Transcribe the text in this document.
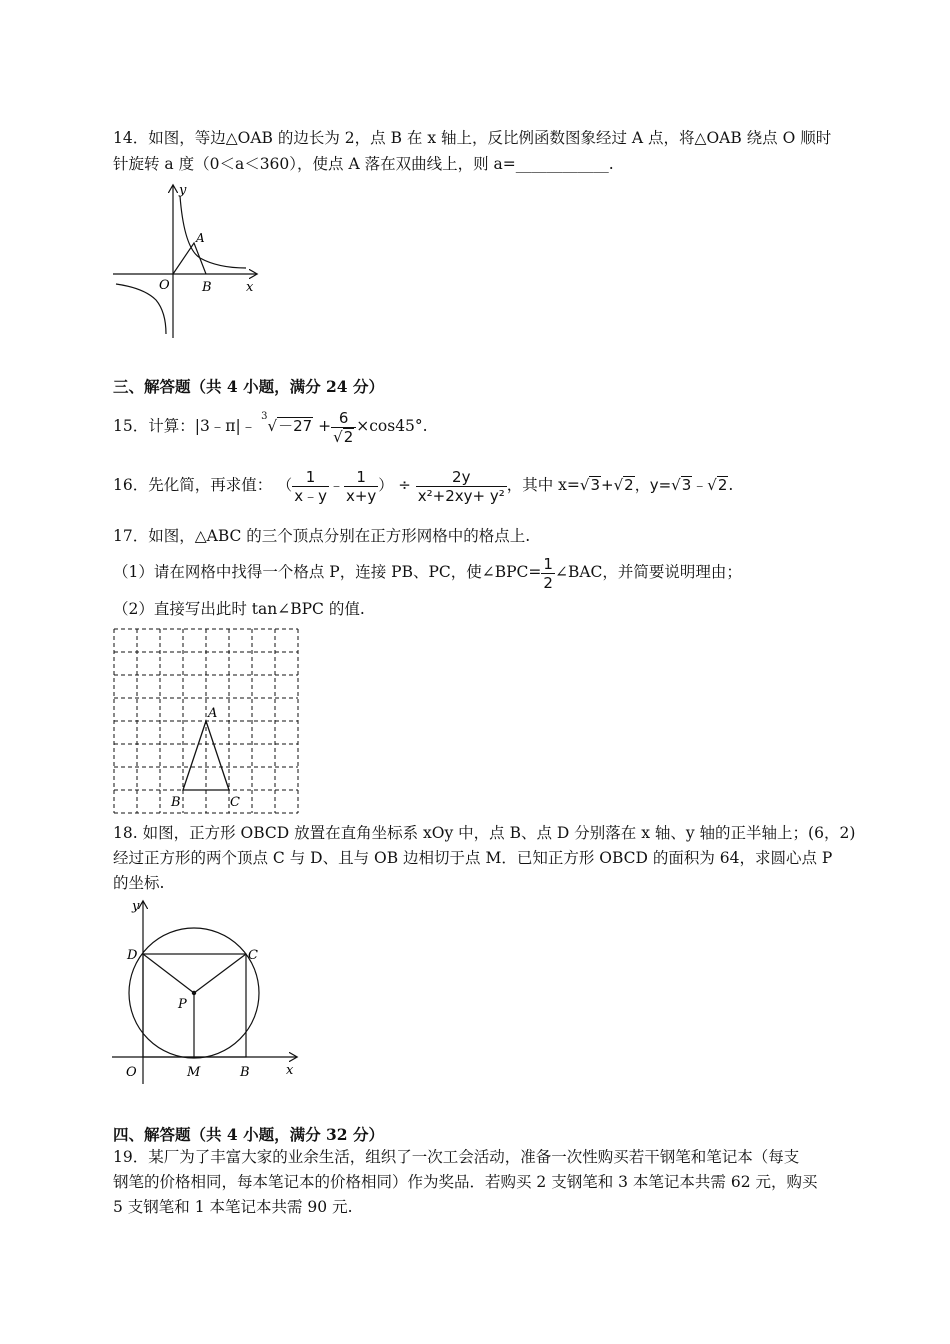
14．如图，等边△OAB 的边长为 2，点 B 在 x 轴上，反比例函数图象经过 A 点，将△OAB 绕点 O 顺时
针旋转 a 度（0＜a＜360），使点 A 落在双曲线上，则 a=____________.
y
x
O
A
B
三、解答题（共 4 小题，满分 24 分）
15．计算：|3﹣π|﹣ $^3√-27 + \frac{6}{√2} \times\cos 45^\circ$.
16．先化简，再求值： （ $\frac{1}{x﹣y}$ ﹣ $\frac{1}{x+y}$ ） ÷ $\frac{2y}{\text{x²+2xy+ y²}}$ ，其中 x=√3+√2，y=√3﹣√2.
17．如图，△ABC 的三个顶点分别在正方形网格中的格点上.
（1）请在网格中找得一个格点 P，连接 PB、PC，使∠BPC= $\frac{1}{2}$ ∠BAC，并简要说明理由；
（2）直接写出此时 tan∠BPC 的值.
A
B	C
18. 如图，正方形 OBCD 放置在直角坐标系 xOy 中，点 B、点 D 分别落在 x 轴、y 轴的正半轴上；(6，2)
经过正方形的两个顶点 C 与 D、且与 OB 边相切于点 M．已知正方形 OBCD 的面积为 64，求圆心点 P
的坐标.
y
x
O	M	B
D	C
P
四、解答题（共 4 小题，满分 32 分）
19．某厂为了丰富大家的业余生活，组织了一次工会活动，准备一次性购买若干钢笔和笔记本（每支
钢笔的价格相同，每本笔记本的价格相同）作为奖品．若购买 2 支钢笔和 3 本笔记本共需 62 元，购买
5 支钢笔和 1 本笔记本共需 90 元.
